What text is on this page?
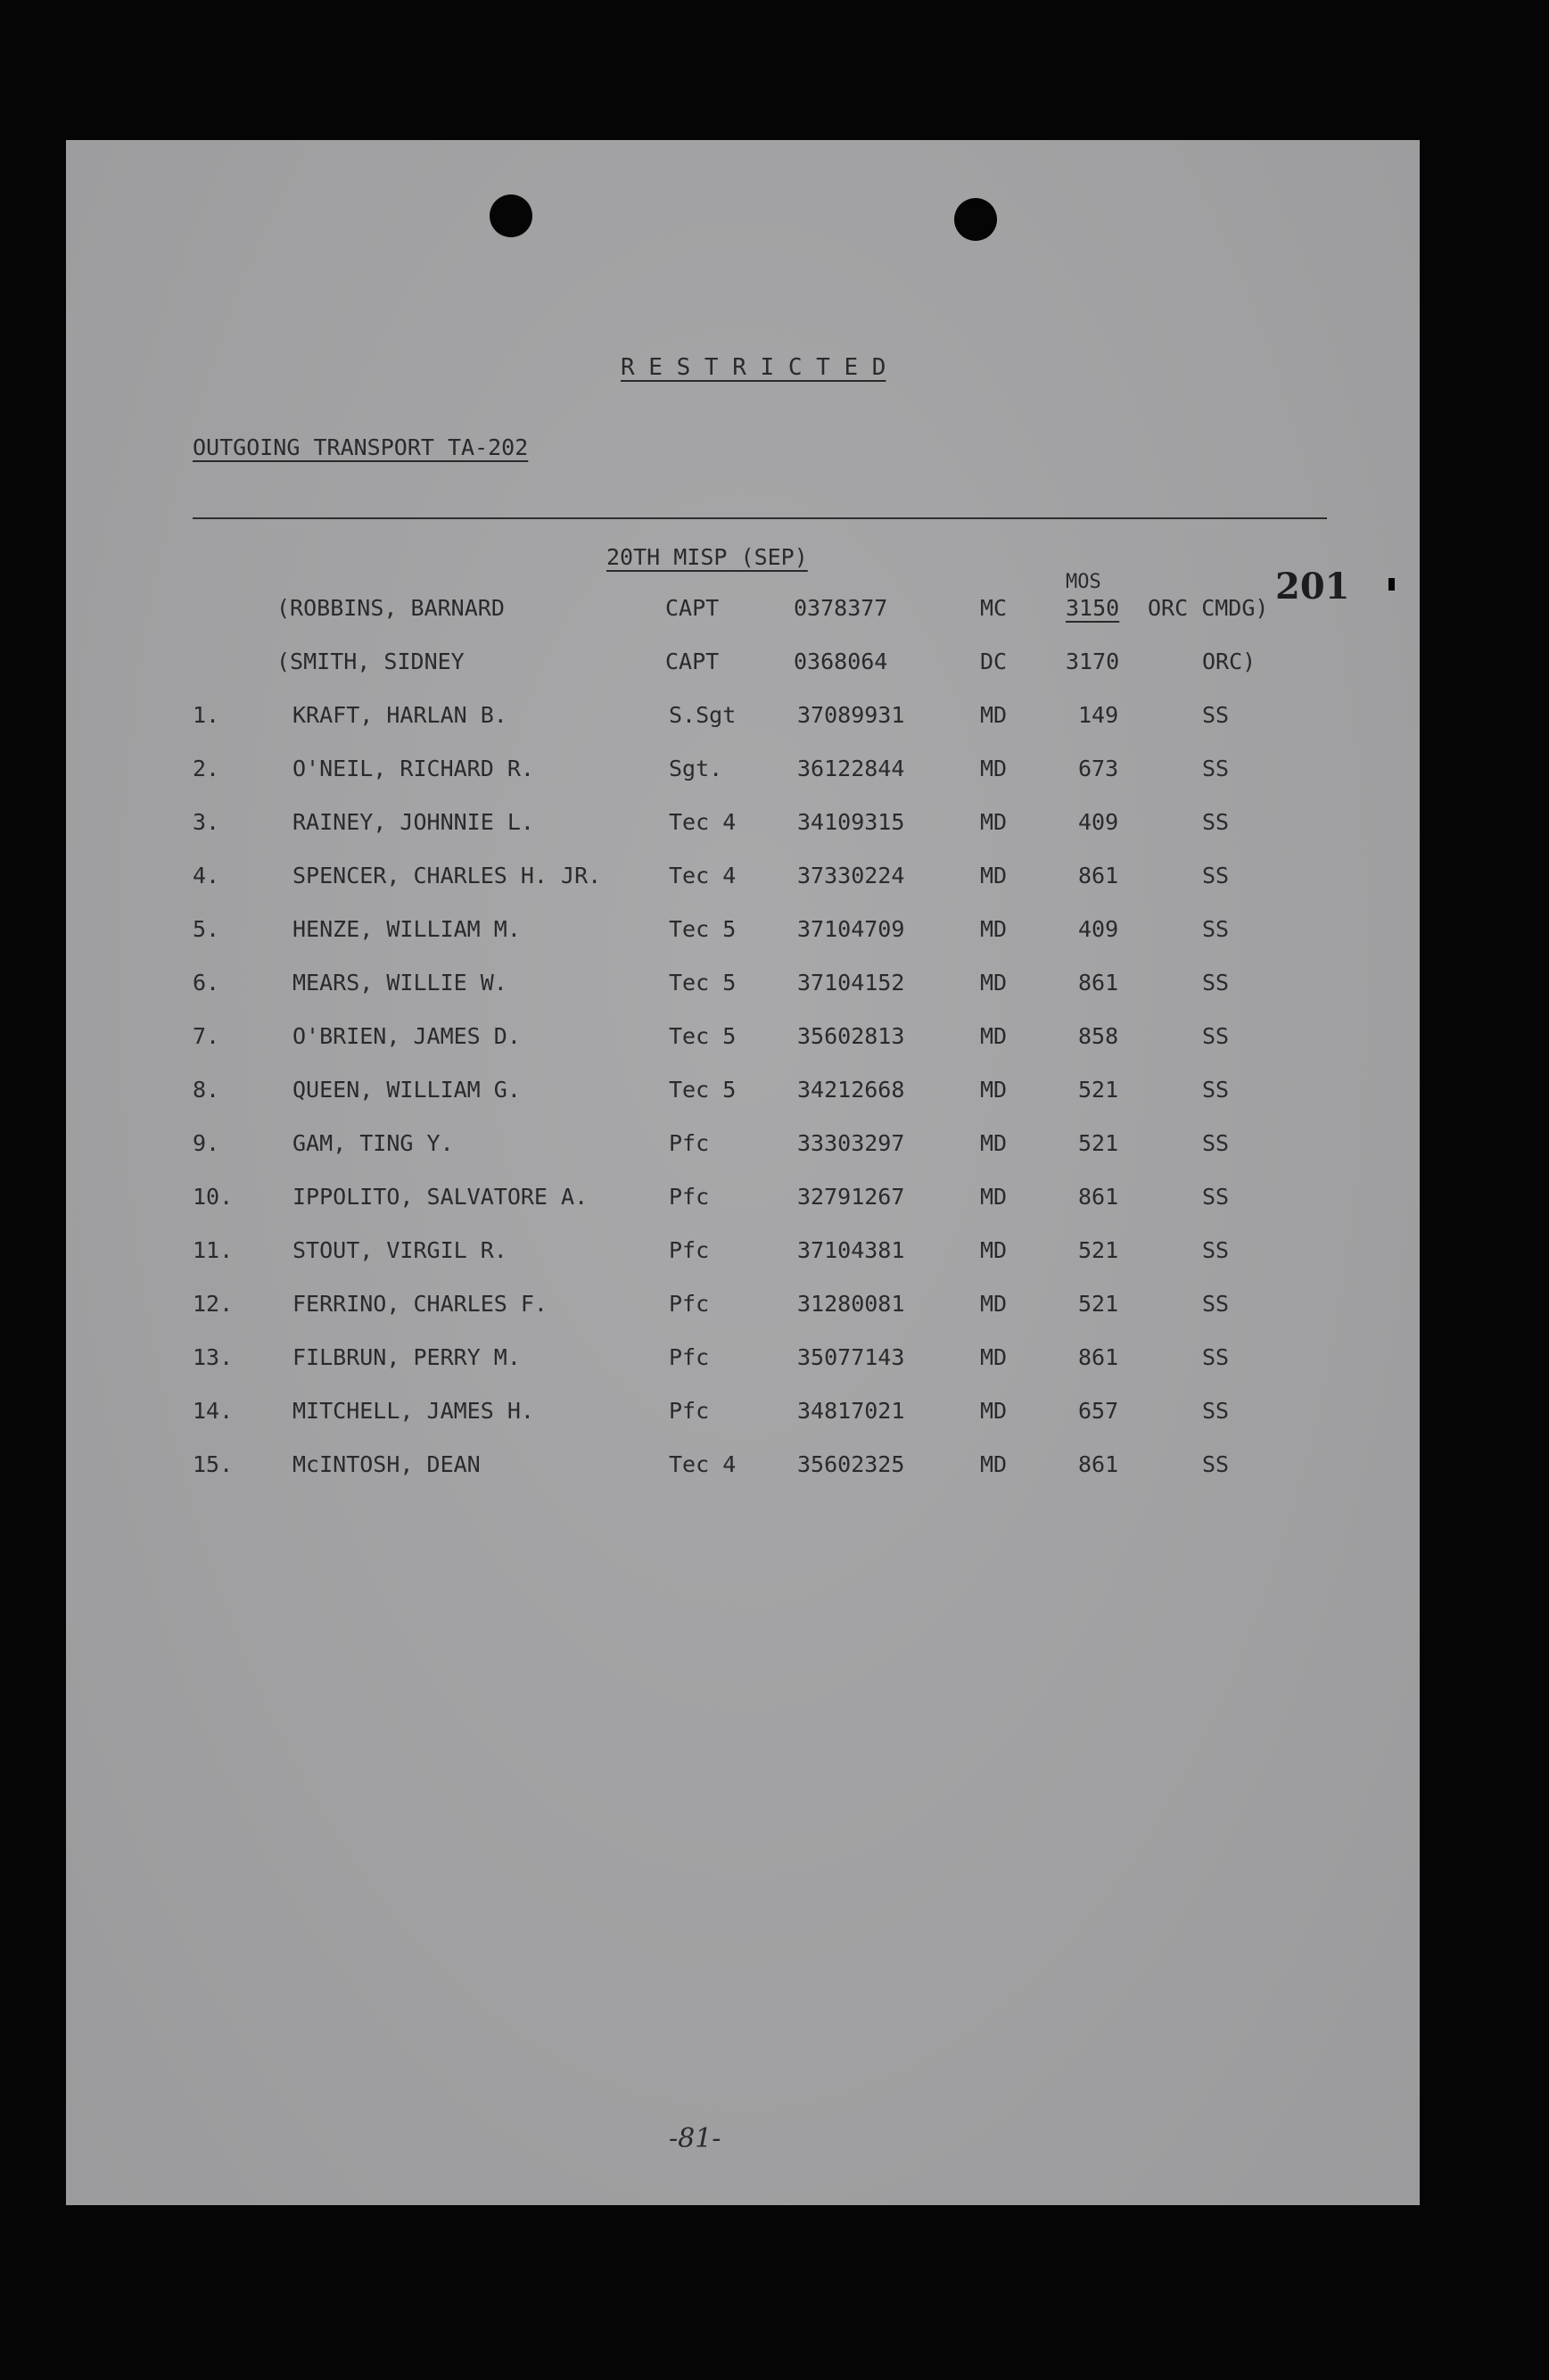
R E S T R I C T E D
OUTGOING TRANSPORT TA-202
20TH MISP (SEP)
MOS	201
(ROBBINS, BARNARD	CAPT	0378377	MC	3150 ORC CMDG)
(SMITH, SIDNEY	CAPT	0368064	DC	3170	ORC)
1.	KRAFT, HARLAN B.	S.Sgt	37089931	MD	149	SS
2.	O'NEIL, RICHARD R.	Sgt.	36122844	MD	673	SS
3.	RAINEY, JOHNNIE L.	Tec 4	34109315	MD	409	SS
4.	SPENCER, CHARLES H. JR.	Tec 4	37330224	MD	861	SS
5.	HENZE, WILLIAM M.	Tec 5	37104709	MD	409	SS
6.	MEARS, WILLIE W.	Tec 5	37104152	MD	861	SS
7.	O'BRIEN, JAMES D.	Tec 5	35602813	MD	858	SS
8.	QUEEN, WILLIAM G.	Tec 5	34212668	MD	521	SS
9.	GAM, TING Y.	Pfc	33303297	MD	521	SS
10.	IPPOLITO, SALVATORE A.	Pfc	32791267	MD	861	SS
11.	STOUT, VIRGIL R.	Pfc	37104381	MD	521	SS
12.	FERRINO, CHARLES F.	Pfc	31280081	MD	521	SS
13.	FILBRUN, PERRY M.	Pfc	35077143	MD	861	SS
14.	MITCHELL, JAMES H.	Pfc	34817021	MD	657	SS
15.	McINTOSH, DEAN	Tec 4	35602325	MD	861	SS
-81-
